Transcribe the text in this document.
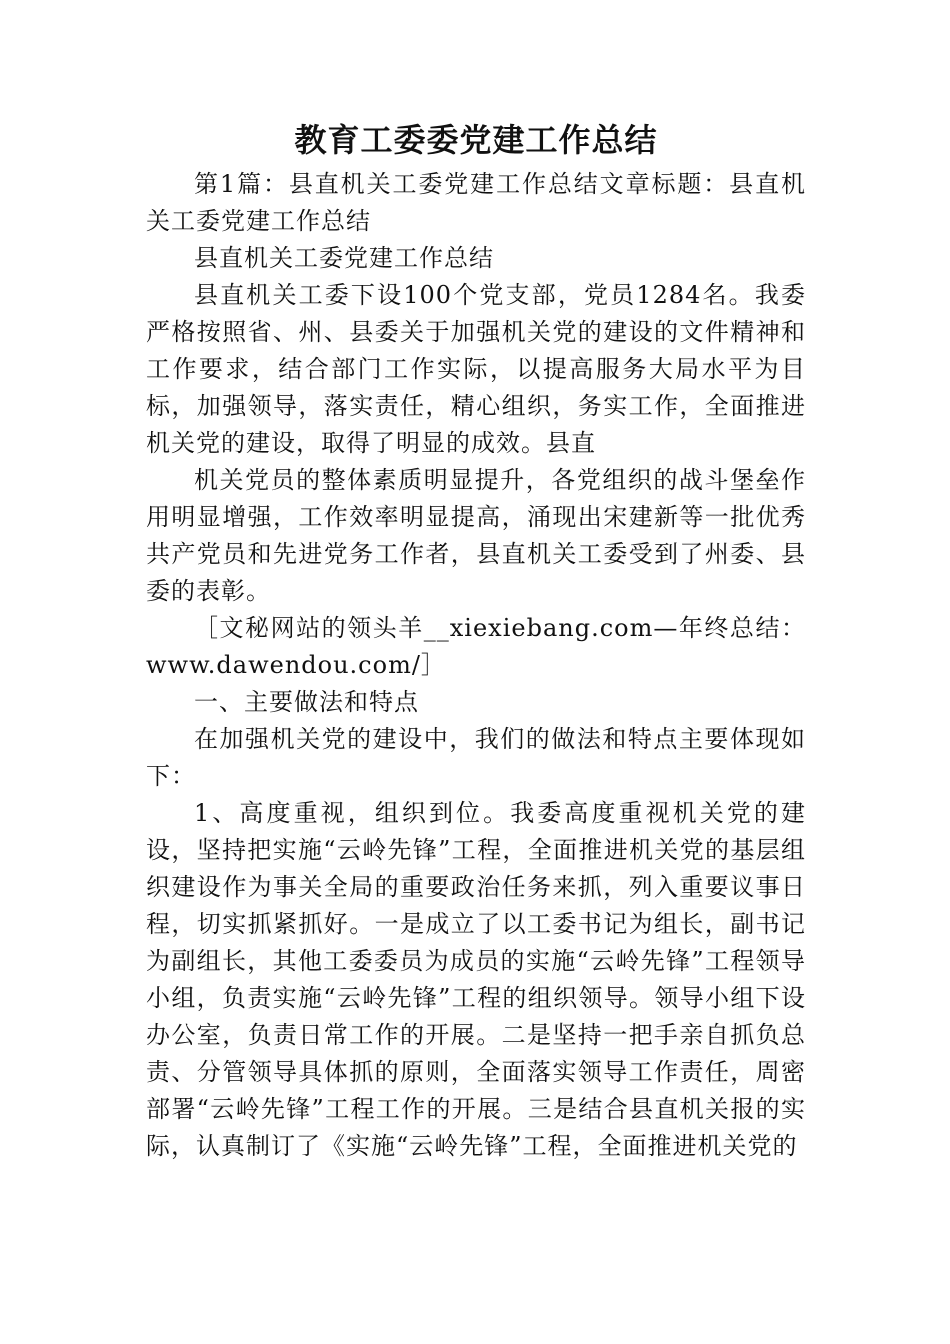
教育工委委党建工作总结

第1篇：县直机关工委党建工作总结文章标题：县直机关工委党建工作总结

县直机关工委党建工作总结

县直机关工委下设100个党支部，党员1284名。我委严格按照省、州、县委关于加强机关党的建设的文件精神和工作要求，结合部门工作实际，以提高服务大局水平为目标，加强领导，落实责任，精心组织，务实工作，全面推进机关党的建设，取得了明显的成效。县直

机关党员的整体素质明显提升，各党组织的战斗堡垒作用明显增强，工作效率明显提高，涌现出宋建新等一批优秀共产党员和先进党务工作者，县直机关工委受到了州委、县委的表彰。

［文秘网站的领头羊__xiexiebang.com—年终总结：www.dawendou.com/］

一、主要做法和特点

在加强机关党的建设中，我们的做法和特点主要体现如下：

1、高度重视，组织到位。我委高度重视机关党的建设，坚持把实施“云岭先锋”工程，全面推进机关党的基层组织建设作为事关全局的重要政治任务来抓，列入重要议事日程，切实抓紧抓好。一是成立了以工委书记为组长，副书记为副组长，其他工委委员为成员的实施“云岭先锋”工程领导小组，负责实施“云岭先锋”工程的组织领导。领导小组下设办公室，负责日常工作的开展。二是坚持一把手亲自抓负总责、分管领导具体抓的原则，全面落实领导工作责任，周密部署“云岭先锋”工程工作的开展。三是结合县直机关报的实际，认真制订了《实施“云岭先锋”工程，全面推进机关党的
